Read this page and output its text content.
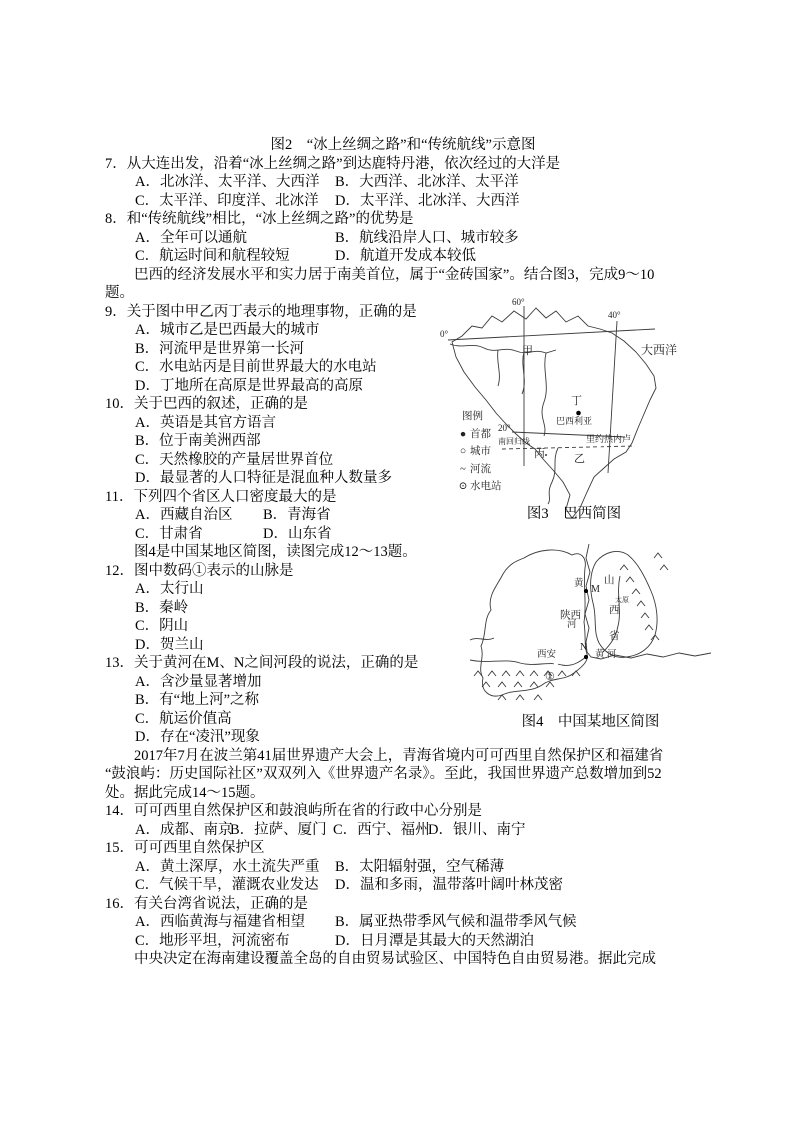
图2　“冰上丝绸之路”和“传统航线”示意图
7．从大连出发，沿着“冰上丝绸之路”到达鹿特丹港，依次经过的大洋是
A．北冰洋、太平洋、大西洋 B．大西洋、北冰洋、太平洋
C．太平洋、印度洋、北冰洋 D．太平洋、北冰洋、大西洋
8．和“传统航线”相比，“冰上丝绸之路”的优势是
A．全年可以通航	B．航线沿岸人口、城市较多
C．航运时间和航程较短	D．航道开发成本较低
巴西的经济发展水平和实力居于南美首位，属于“金砖国家”。结合图3，完成9～10
题。
9．关于图中甲乙丙丁表示的地理事物，正确的是
A．城市乙是巴西最大的城市
B．河流甲是世界第一长河
C．水电站丙是目前世界最大的水电站
D．丁地所在高原是世界最高的高原
10．关于巴西的叙述，正确的是
A．英语是其官方语言
B．位于南美洲西部
C．天然橡胶的产量居世界首位
D．最显著的人口特征是混血种人数量多
11．下列四个省区人口密度最大的是
A．西藏自治区 B．青海省
C．甘肃省	D．山东省
图4是中国某地区简图，读图完成12～13题。
12．图中数码①表示的山脉是
A．太行山
B．秦岭
C．阴山
D．贺兰山
13．关于黄河在M、N之间河段的说法，正确的是
A．含沙量显著增加
B．有“地上河”之称
C．航运价值高
D．存在“凌汛”现象
2017年7月在波兰第41届世界遗产大会上，青海省境内可可西里自然保护区和福建省
“鼓浪屿：历史国际社区”双双列入《世界遗产名录》。至此，我国世界遗产总数增加到52
处。据此完成14～15题。
14．可可西里自然保护区和鼓浪屿所在省的行政中心分别是
A．成都、南京B．拉萨、厦门 C．西宁、福州D．银川、南宁
15．可可西里自然保护区
A．黄土深厚，水土流失严重 B．太阳辐射强，空气稀薄
C．气候干旱，灌溉农业发达 D．温和多雨，温带落叶阔叶林茂密
16．有关台湾省说法，正确的是
A．西临黄海与福建省相望 B．属亚热带季风气候和温带季风气候
C．地形平坦，河流密布	D．日月潭是其最大的天然湖泊
中央决定在海南建设覆盖全岛的自由贸易试验区、中国特色自由贸易港。据此完成
60°
40°
0°
20°
南回归线
甲
丁
巴西利亚
里约热内卢
丙	乙
大西洋
图例
● 首都
○ 城市
~ 河流
⊙ 水电站
图3　巴西简图
黄 M
河
陕西
山
太原
西
省
N
黄 河
西安
①
图4　中国某地区简图
